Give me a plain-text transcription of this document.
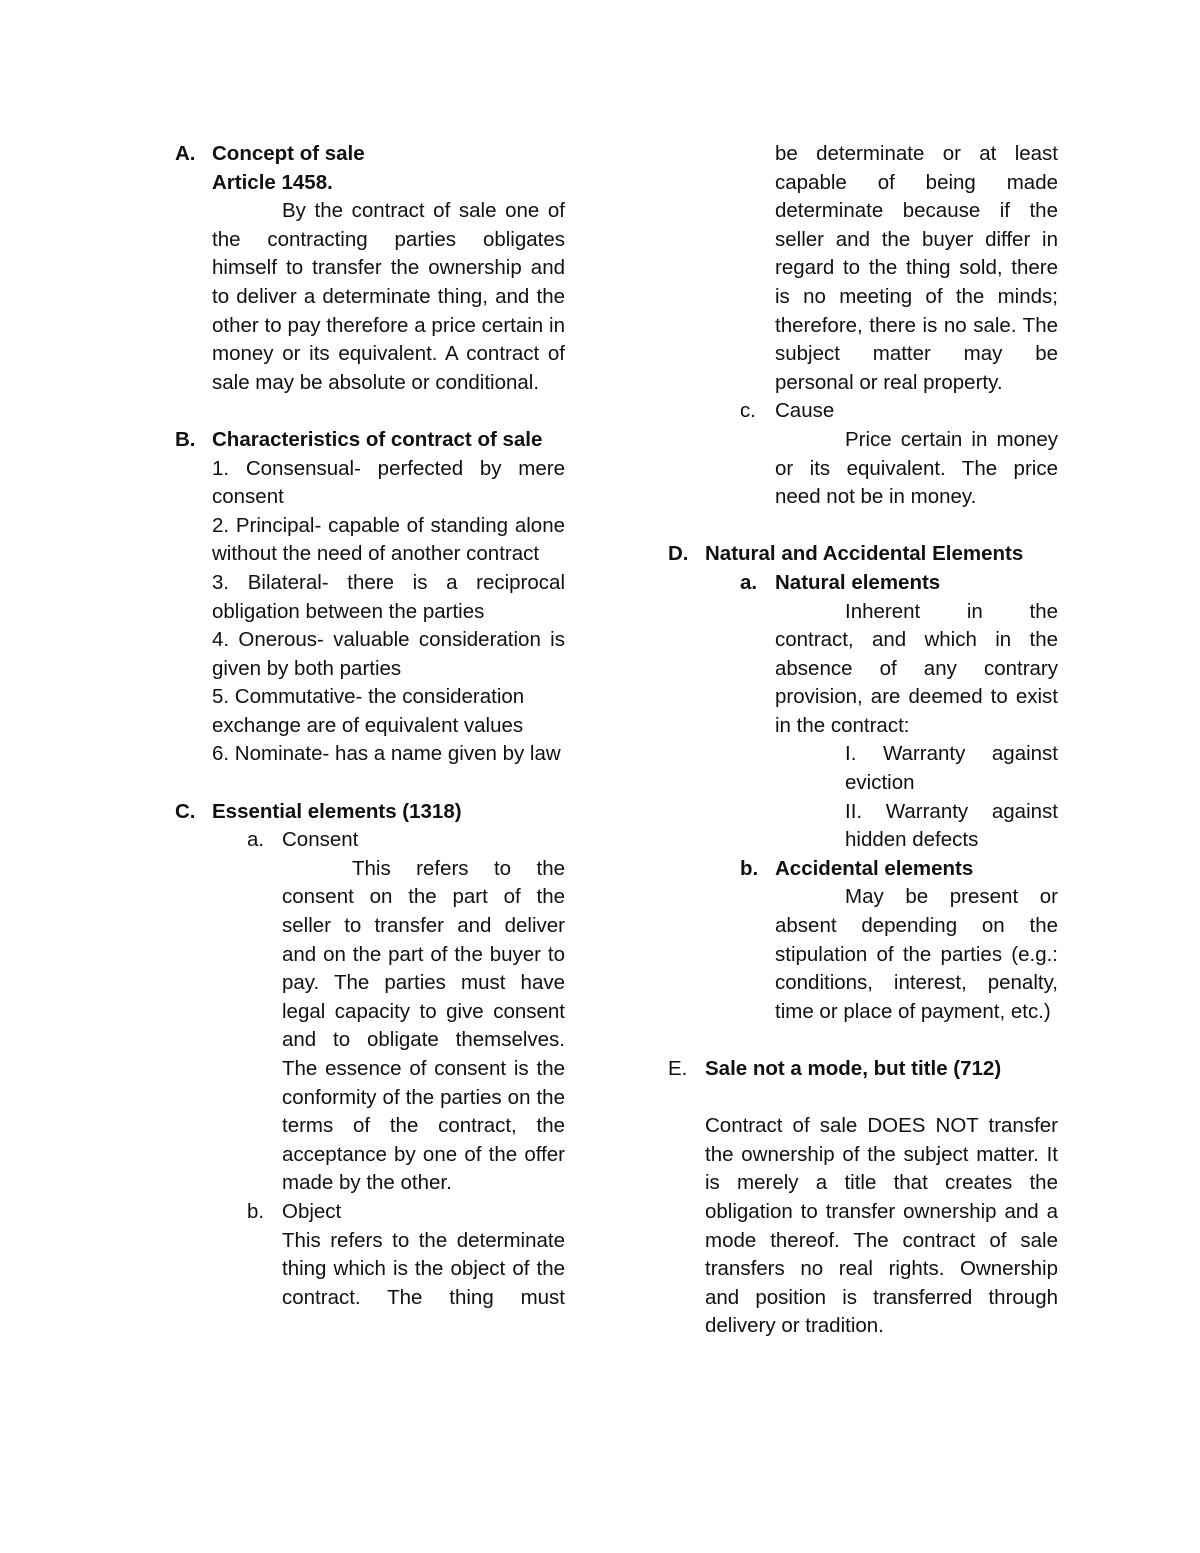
A. Concept of sale

Article 1458.

By the contract of sale one of the contracting parties obligates himself to transfer the ownership and to deliver a determinate thing, and the other to pay therefore a price certain in money or its equivalent. A contract of sale may be absolute or conditional.

B. Characteristics of contract of sale

1. Consensual- perfected by mere consent

2. Principal- capable of standing alone without the need of another contract

3. Bilateral- there is a reciprocal obligation between the parties

4. Onerous- valuable consideration is given by both parties

5. Commutative- the consideration exchange are of equivalent values

6. Nominate- has a name given by law

C. Essential elements (1318)

a. Consent

This refers to the consent on the part of the seller to transfer and deliver and on the part of the buyer to pay. The parties must have legal capacity to give consent and to obligate themselves. The essence of consent is the conformity of the parties on the terms of the contract, the acceptance by one of the offer made by the other.

b. Object

This refers to the determinate thing which is the object of the contract. The thing must

be determinate or at least capable of being made determinate because if the seller and the buyer differ in regard to the thing sold, there is no meeting of the minds; therefore, there is no sale. The subject matter may be personal or real property.

c. Cause

Price certain in money or its equivalent. The price need not be in money.

D. Natural and Accidental Elements

a. Natural elements

Inherent in the contract, and which in the absence of any contrary provision, are deemed to exist in the contract:

I. Warranty against eviction

II. Warranty against hidden defects

b. Accidental elements

May be present or absent depending on the stipulation of the parties (e.g.: conditions, interest, penalty, time or place of payment, etc.)

E. Sale not a mode, but title (712)

Contract of sale DOES NOT transfer the ownership of the subject matter. It is merely a title that creates the obligation to transfer ownership and a mode thereof. The contract of sale transfers no real rights. Ownership and position is transferred through delivery or tradition.
